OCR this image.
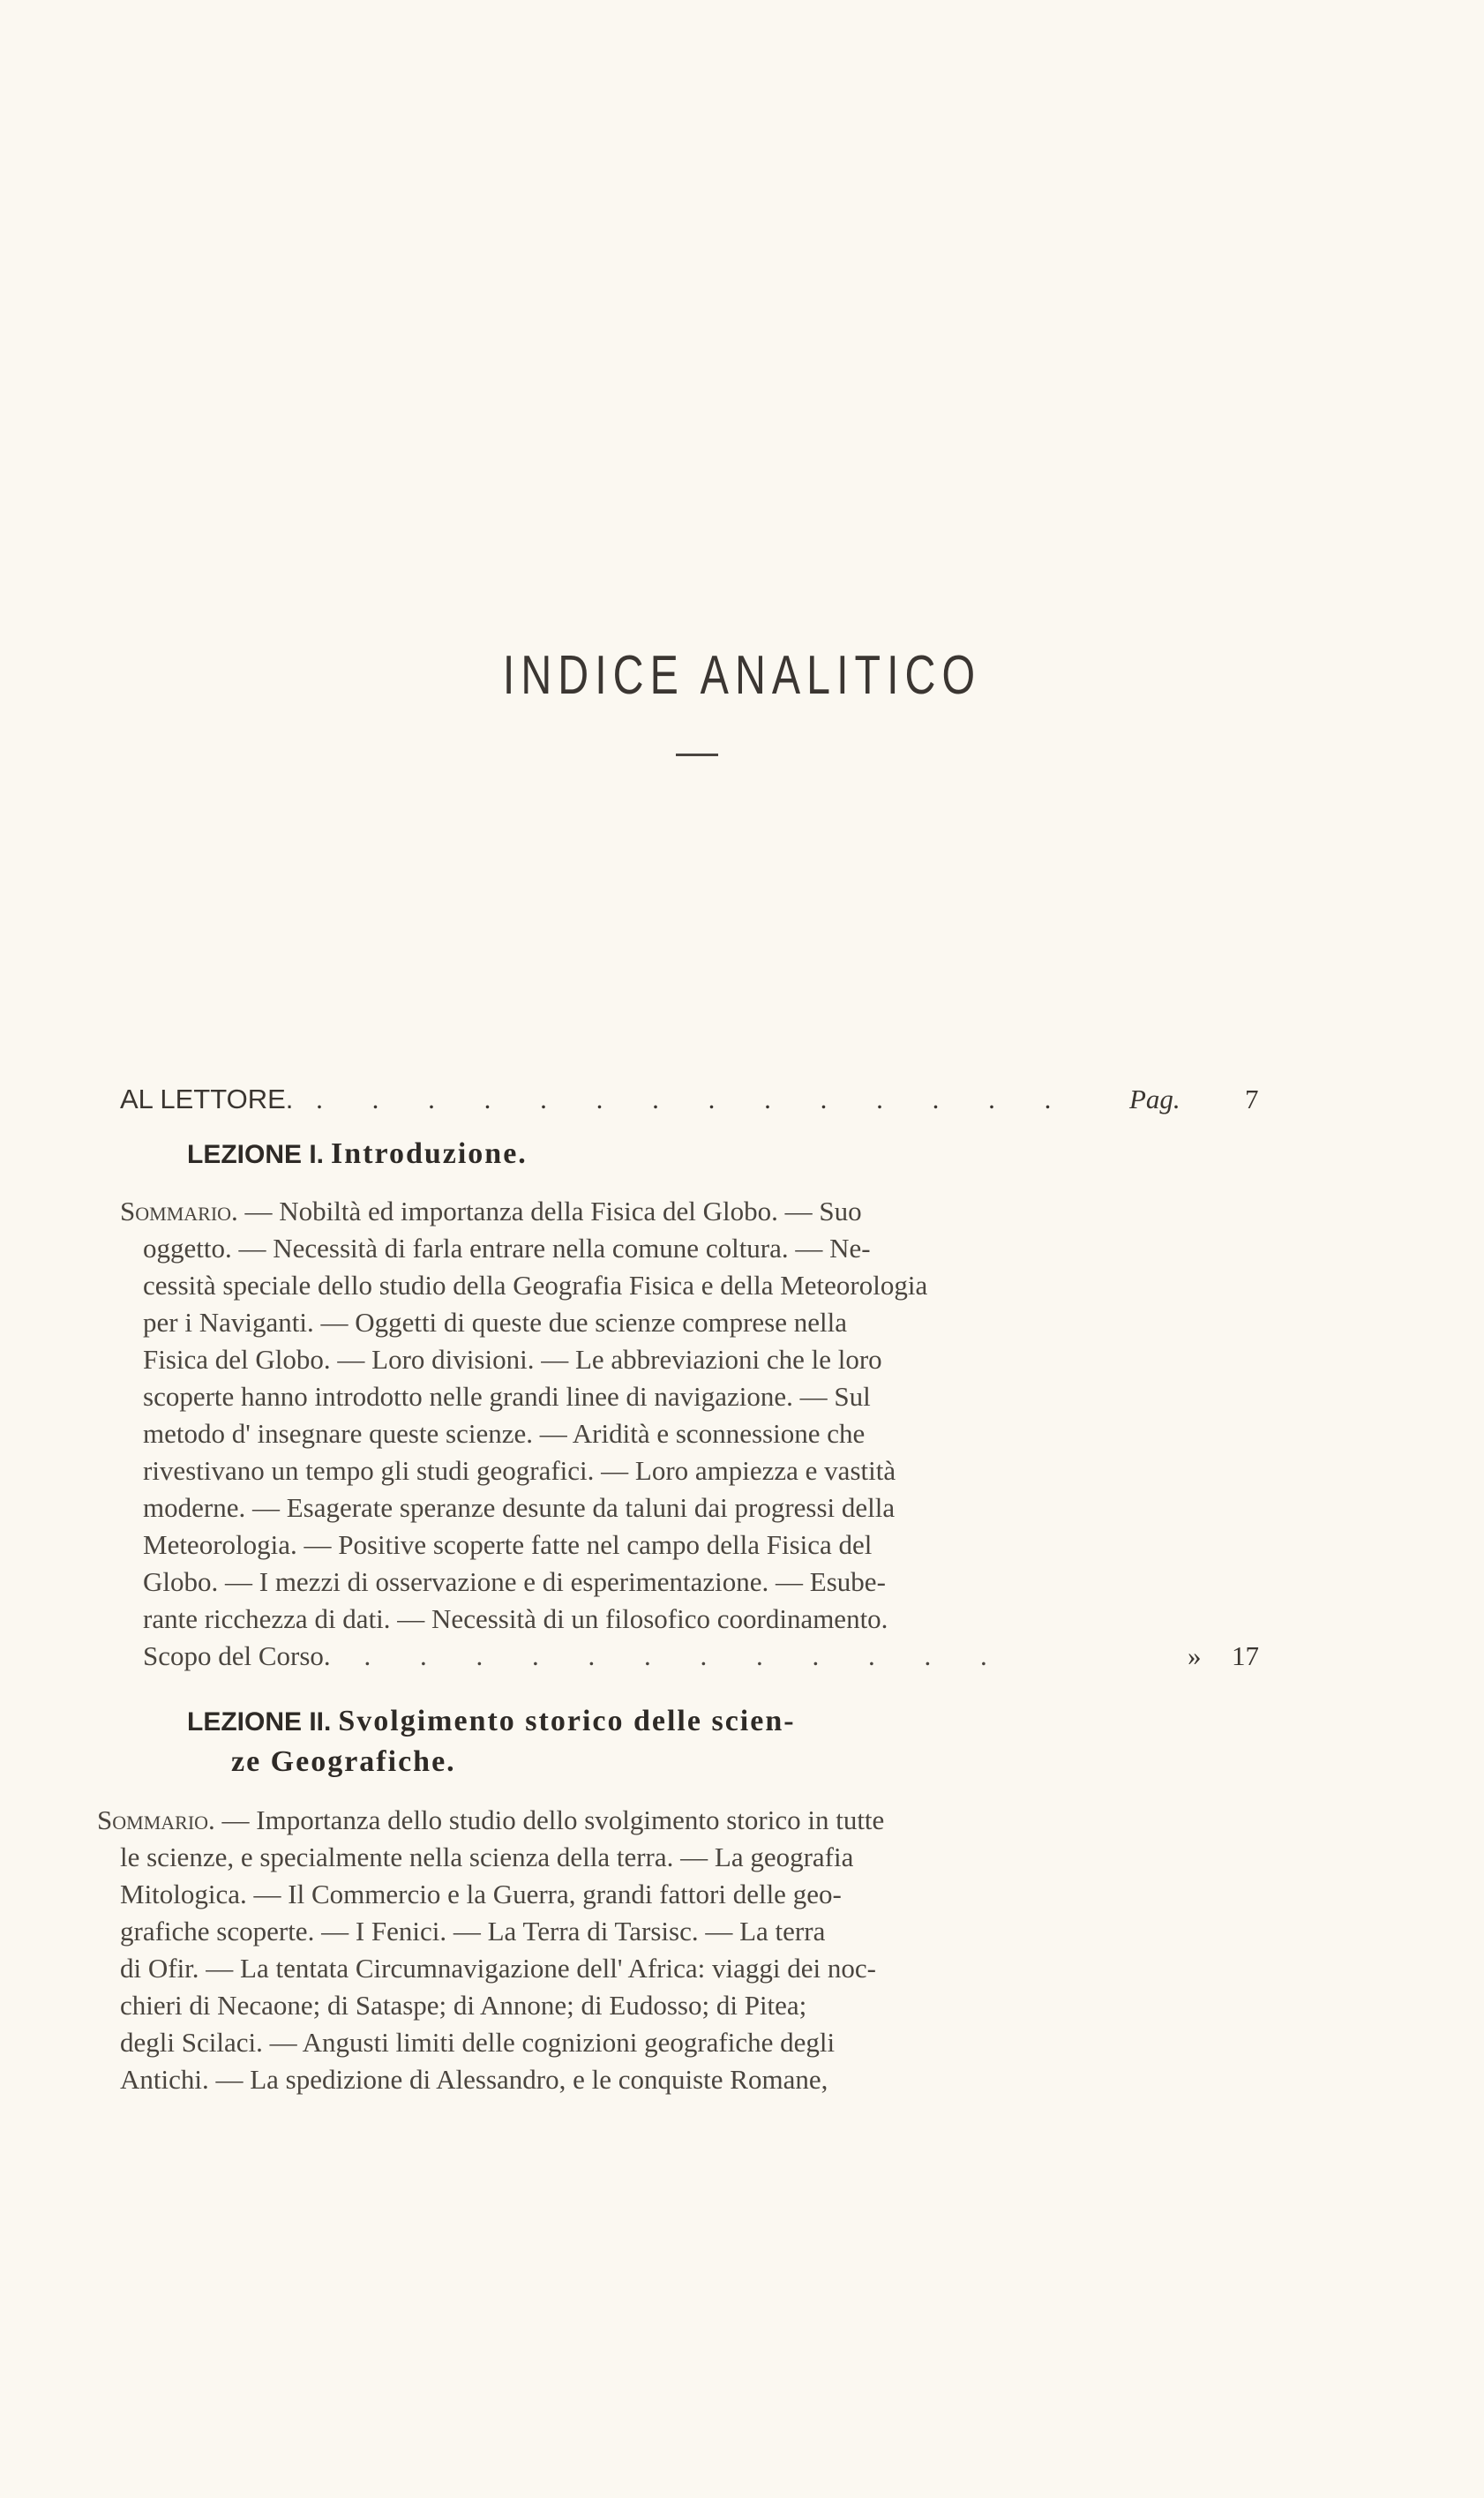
INDICE ANALITICO
AL LETTORE. . . . . . . . . . . . . . . Pag. 7
LEZIONE I. Introduzione.
Sommario. — Nobiltà ed importanza della Fisica del Globo. — Suo
oggetto. — Necessità di farla entrare nella comune coltura. — Ne-
cessità speciale dello studio della Geografia Fisica e della Meteorologia
per i Naviganti. — Oggetti di queste due scienze comprese nella
Fisica del Globo. — Loro divisioni. — Le abbreviazioni che le loro
scoperte hanno introdotto nelle grandi linee di navigazione. — Sul
metodo d' insegnare queste scienze. — Aridità e sconnessione che
rivestivano un tempo gli studi geografici. — Loro ampiezza e vastità
moderne. — Esagerate speranze desunte da taluni dai progressi della
Meteorologia. — Positive scoperte fatte nel campo della Fisica del
Globo. — I mezzi di osservazione e di esperimentazione. — Esube-
rante ricchezza di dati. — Necessità di un filosofico coordinamento.
Scopo del Corso. . . . . . . . . . . . .	» 17
LEZIONE II. Svolgimento storico delle scien-
ze Geografiche.
Sommario. — Importanza dello studio dello svolgimento storico in tutte
le scienze, e specialmente nella scienza della terra. — La geografia
Mitologica. — Il Commercio e la Guerra, grandi fattori delle geo-
grafiche scoperte. — I Fenici. — La Terra di Tarsisc. — La terra
di Ofir. — La tentata Circumnavigazione dell' Africa: viaggi dei noc-
chieri di Necaone; di Sataspe; di Annone; di Eudosso; di Pitea;
degli Scilaci. — Angusti limiti delle cognizioni geografiche degli
Antichi. — La spedizione di Alessandro, e le conquiste Romane,
